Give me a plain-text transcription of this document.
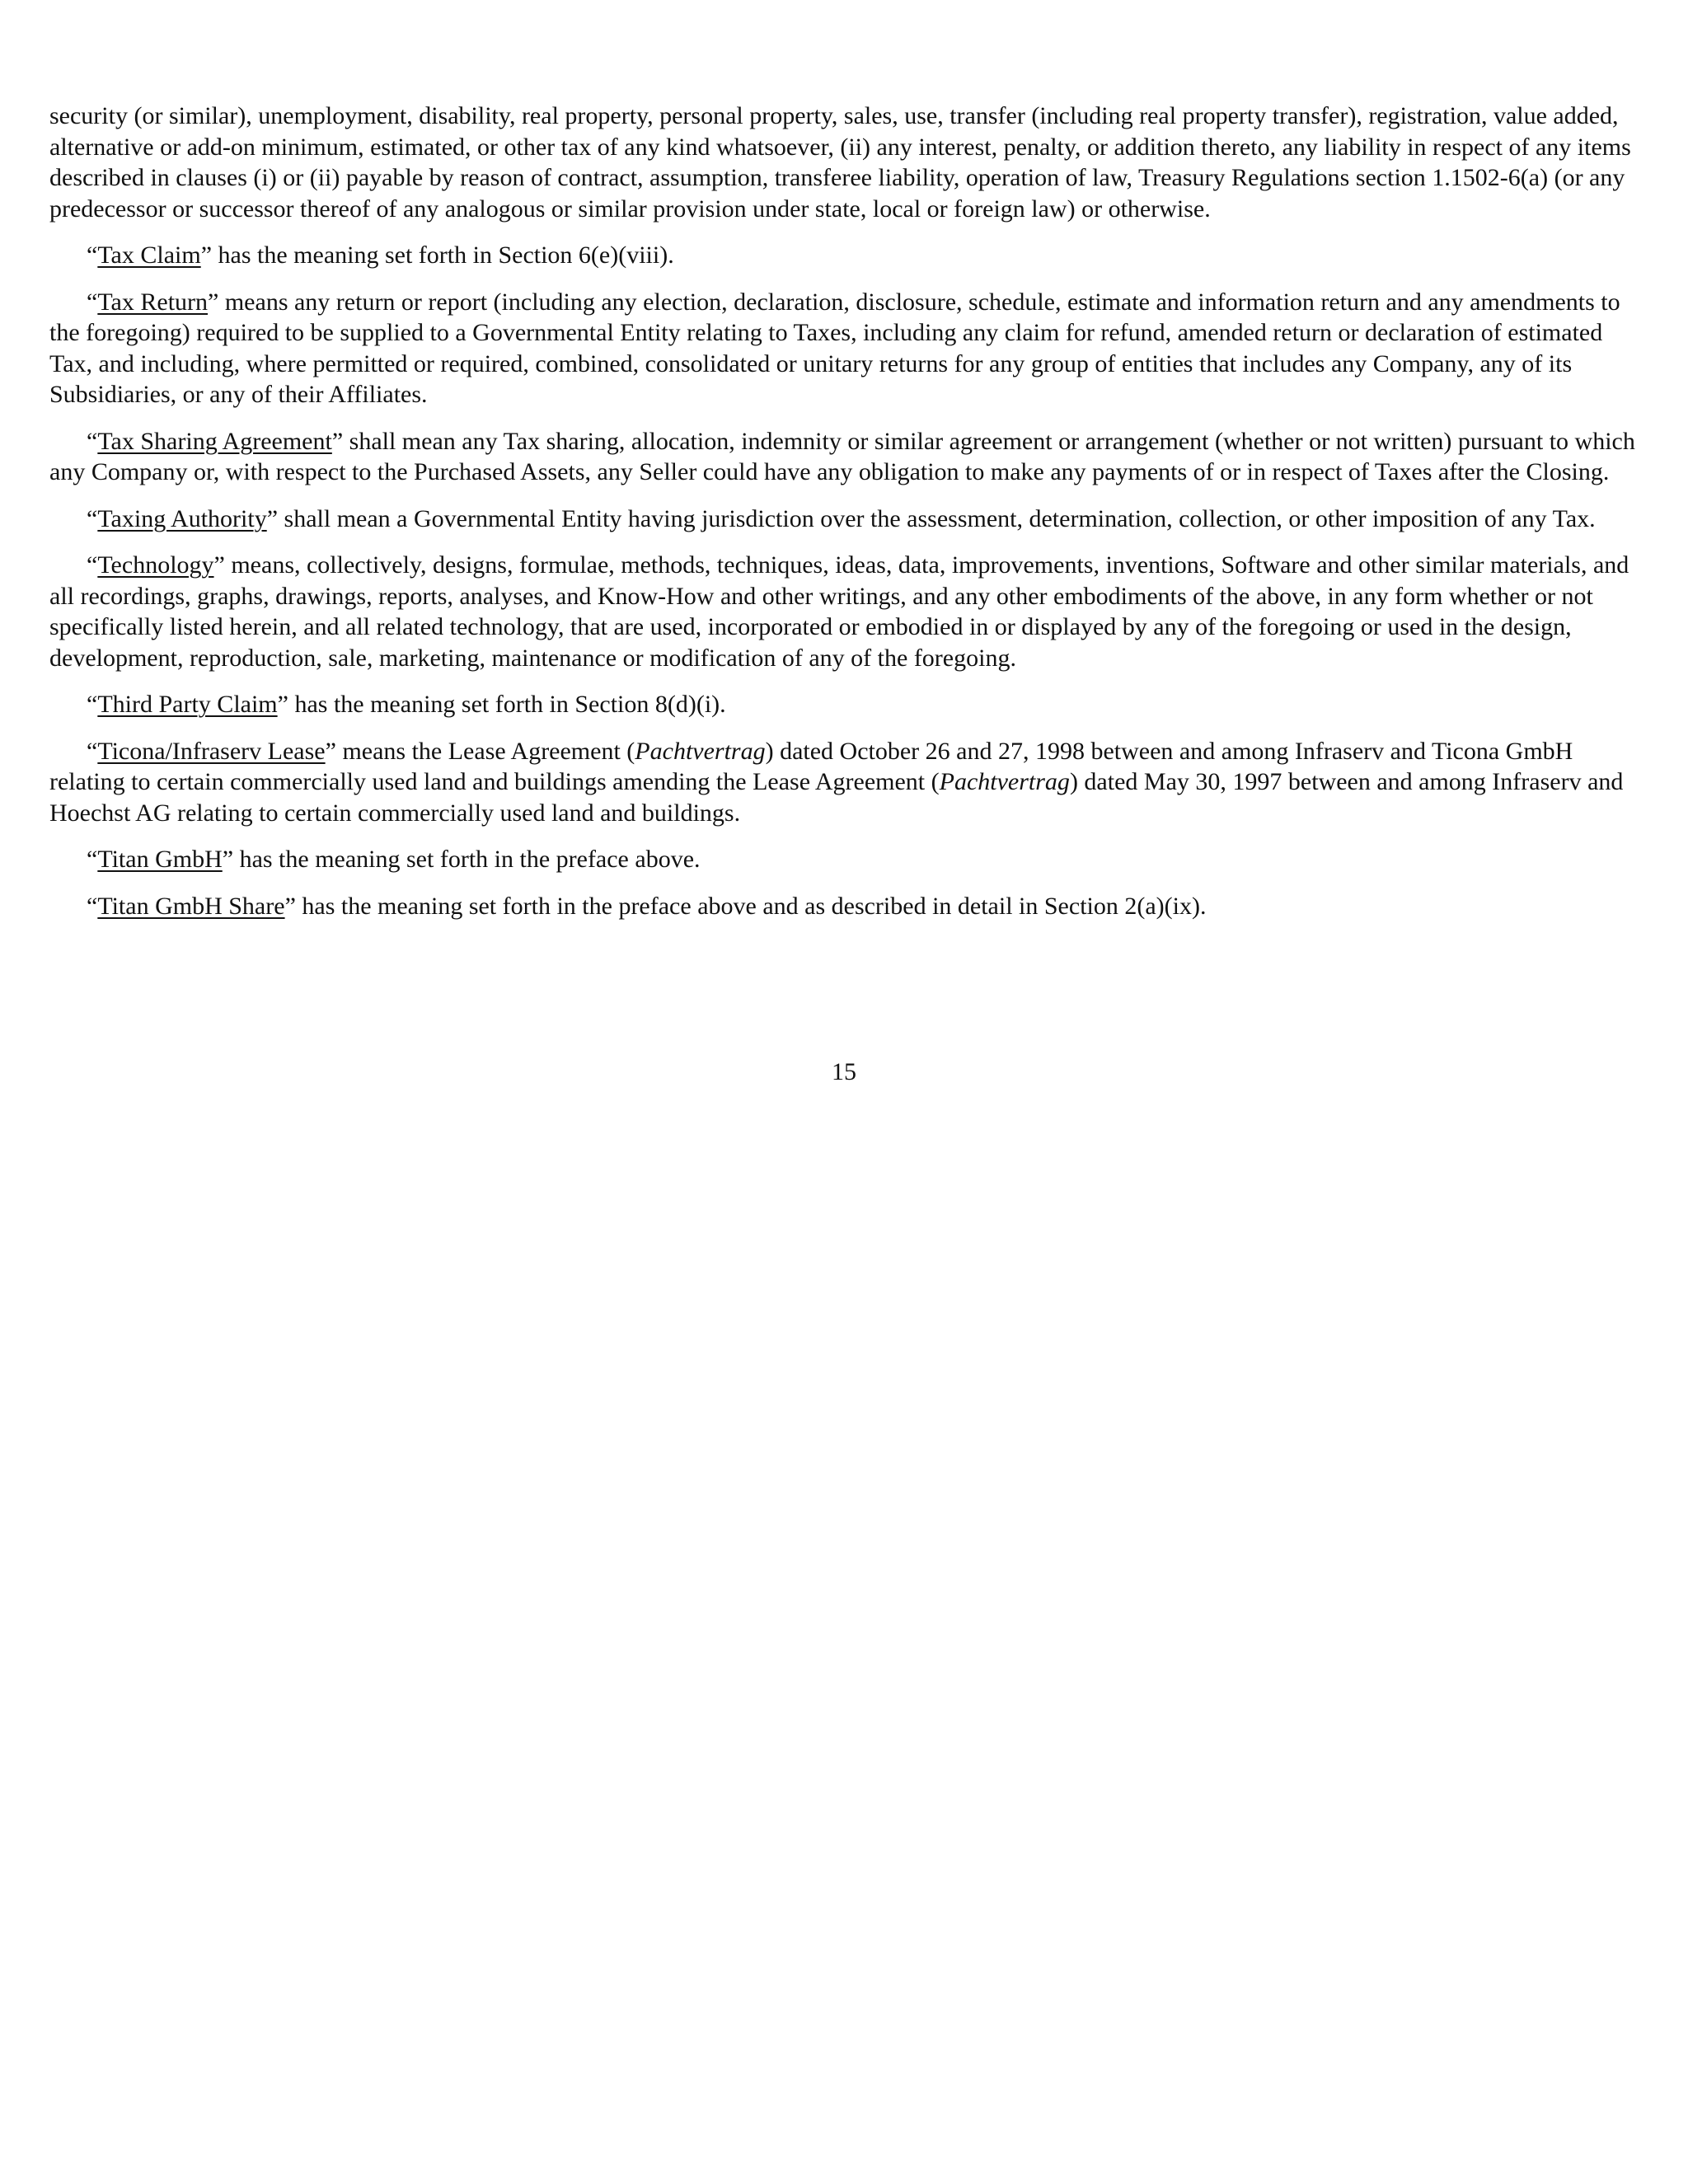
security (or similar), unemployment, disability, real property, personal property, sales, use, transfer (including real property transfer), registration, value added, alternative or add-on minimum, estimated, or other tax of any kind whatsoever, (ii) any interest, penalty, or addition thereto, any liability in respect of any items described in clauses (i) or (ii) payable by reason of contract, assumption, transferee liability, operation of law, Treasury Regulations section 1.1502-6(a) (or any predecessor or successor thereof of any analogous or similar provision under state, local or foreign law) or otherwise.

“Tax Claim” has the meaning set forth in Section 6(e)(viii).

“Tax Return” means any return or report (including any election, declaration, disclosure, schedule, estimate and information return and any amendments to the foregoing) required to be supplied to a Governmental Entity relating to Taxes, including any claim for refund, amended return or declaration of estimated Tax, and including, where permitted or required, combined, consolidated or unitary returns for any group of entities that includes any Company, any of its Subsidiaries, or any of their Affiliates.

“Tax Sharing Agreement” shall mean any Tax sharing, allocation, indemnity or similar agreement or arrangement (whether or not written) pursuant to which any Company or, with respect to the Purchased Assets, any Seller could have any obligation to make any payments of or in respect of Taxes after the Closing.

“Taxing Authority” shall mean a Governmental Entity having jurisdiction over the assessment, determination, collection, or other imposition of any Tax.

“Technology” means, collectively, designs, formulae, methods, techniques, ideas, data, improvements, inventions, Software and other similar materials, and all recordings, graphs, drawings, reports, analyses, and Know-How and other writings, and any other embodiments of the above, in any form whether or not specifically listed herein, and all related technology, that are used, incorporated or embodied in or displayed by any of the foregoing or used in the design, development, reproduction, sale, marketing, maintenance or modification of any of the foregoing.

“Third Party Claim” has the meaning set forth in Section 8(d)(i).

“Ticona/Infraserv Lease” means the Lease Agreement (Pachtvertrag) dated October 26 and 27, 1998 between and among Infraserv and Ticona GmbH relating to certain commercially used land and buildings amending the Lease Agreement (Pachtvertrag) dated May 30, 1997 between and among Infraserv and Hoechst AG relating to certain commercially used land and buildings.

“Titan GmbH” has the meaning set forth in the preface above.

“Titan GmbH Share” has the meaning set forth in the preface above and as described in detail in Section 2(a)(ix).

15
